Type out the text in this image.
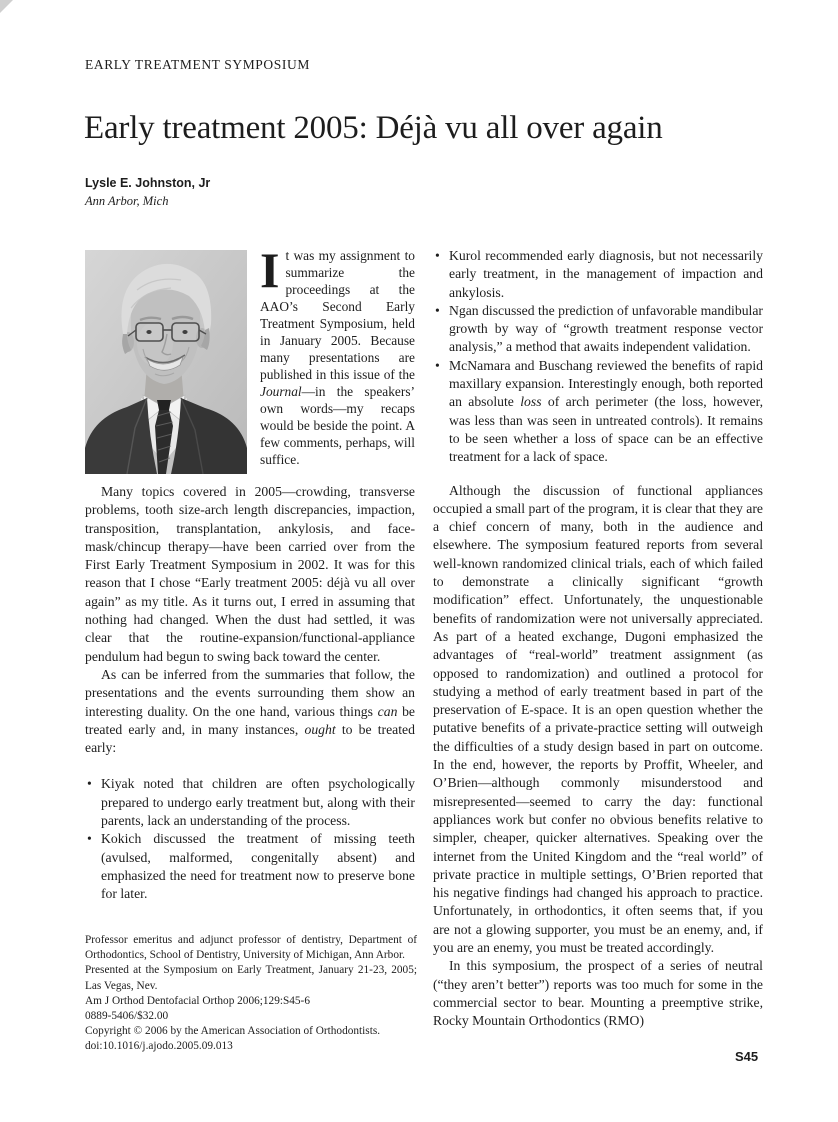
EARLY TREATMENT SYMPOSIUM
Early treatment 2005: Déjà vu all over again
Lysle E. Johnston, Jr
Ann Arbor, Mich
It was my assignment to summarize the proceedings at the AAO’s Second Early Treatment Symposium, held in January 2005. Because many presentations are published in this issue of the Journal—in the speakers’ own words—my recaps would be beside the point. A few comments, perhaps, will suffice.

Many topics covered in 2005—crowding, transverse problems, tooth size-arch length discrepancies, impaction, transposition, transplantation, ankylosis, and face-mask/chincup therapy—have been carried over from the First Early Treatment Symposium in 2002. It was for this reason that I chose “Early treatment 2005: déjà vu all over again” as my title. As it turns out, I erred in assuming that nothing had changed. When the dust had settled, it was clear that the routine-expansion/functional-appliance pendulum had begun to swing back toward the center.

As can be inferred from the summaries that follow, the presentations and the events surrounding them show an interesting duality. On the one hand, various things can be treated early and, in many instances, ought to be treated early:

• Kiyak noted that children are often psychologically prepared to undergo early treatment but, along with their parents, lack an understanding of the process.
• Kokich discussed the treatment of missing teeth (avulsed, malformed, congenitally absent) and emphasized the need for treatment now to preserve bone for later.
• Kurol recommended early diagnosis, but not necessarily early treatment, in the management of impaction and ankylosis.
• Ngan discussed the prediction of unfavorable mandibular growth by way of “growth treatment response vector analysis,” a method that awaits independent validation.
• McNamara and Buschang reviewed the benefits of rapid maxillary expansion. Interestingly enough, both reported an absolute loss of arch perimeter (the loss, however, was less than was seen in untreated controls). It remains to be seen whether a loss of space can be an effective treatment for a lack of space.

Although the discussion of functional appliances occupied a small part of the program, it is clear that they are a chief concern of many, both in the audience and elsewhere. The symposium featured reports from several well-known randomized clinical trials, each of which failed to demonstrate a clinically significant “growth modification” effect. Unfortunately, the unquestionable benefits of randomization were not universally appreciated. As part of a heated exchange, Dugoni emphasized the advantages of “real-world” treatment assignment (as opposed to randomization) and outlined a protocol for studying a method of early treatment based in part of the preservation of E-space. It is an open question whether the putative benefits of a private-practice setting will outweigh the difficulties of a study design based in part on outcome. In the end, however, the reports by Proffit, Wheeler, and O’Brien—although commonly misunderstood and misrepresented—seemed to carry the day: functional appliances work but confer no obvious benefits relative to simpler, cheaper, quicker alternatives. Speaking over the internet from the United Kingdom and the “real world” of private practice in multiple settings, O’Brien reported that his negative findings had changed his approach to practice. Unfortunately, in orthodontics, it often seems that, if you are not a glowing supporter, you must be an enemy, and, if you are an enemy, you must be treated accordingly.

In this symposium, the prospect of a series of neutral (“they aren’t better”) reports was too much for some in the commercial sector to bear. Mounting a preemptive strike, Rocky Mountain Orthodontics (RMO)

Professor emeritus and adjunct professor of dentistry, Department of Orthodontics, School of Dentistry, University of Michigan, Ann Arbor.
Presented at the Symposium on Early Treatment, January 21-23, 2005; Las Vegas, Nev.
Am J Orthod Dentofacial Orthop 2006;129:S45-6
0889-5406/$32.00
Copyright © 2006 by the American Association of Orthodontists.
doi:10.1016/j.ajodo.2005.09.013
S45
